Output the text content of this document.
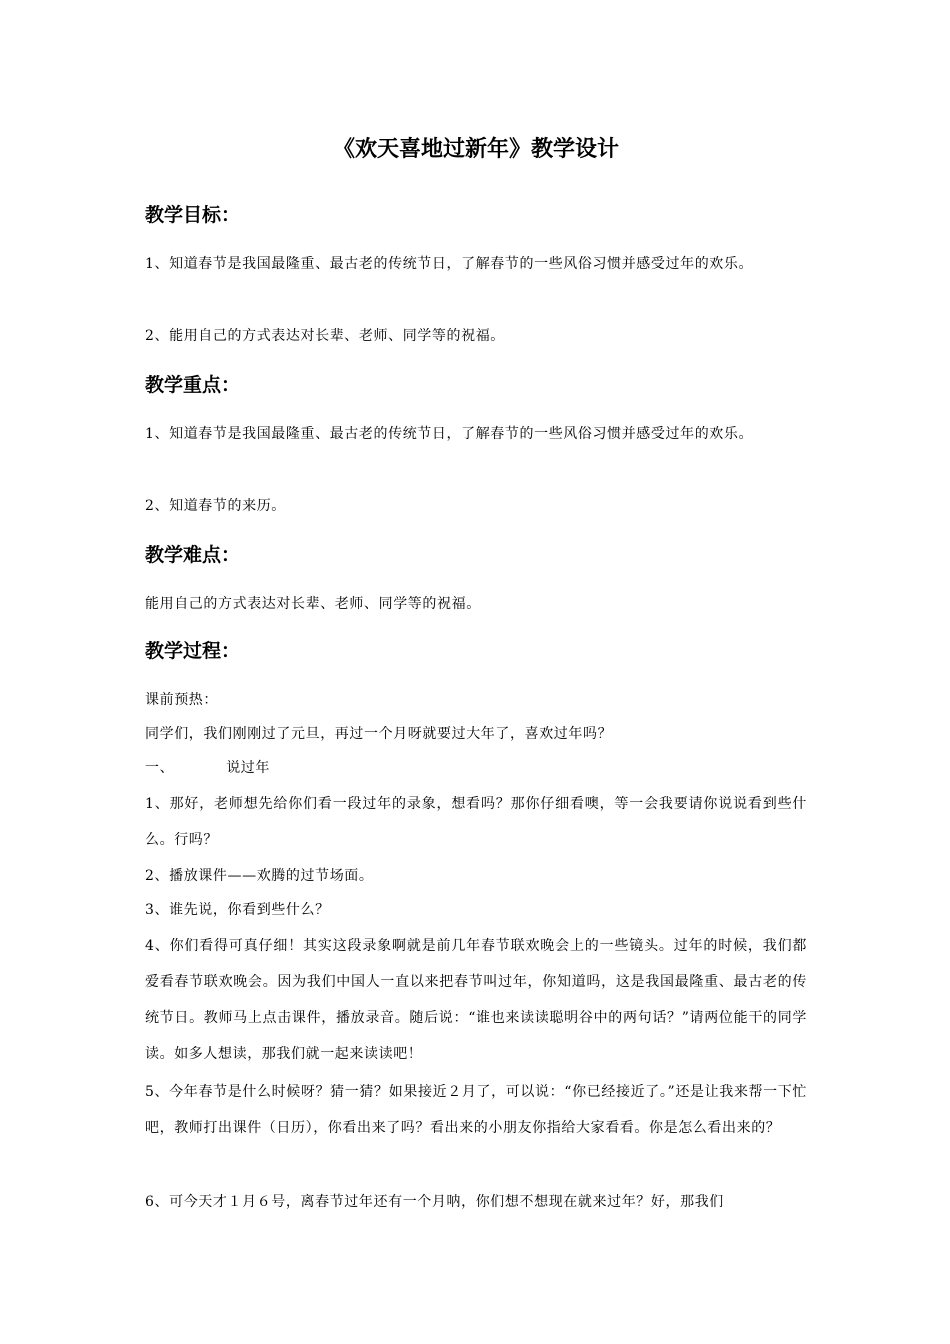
《欢天喜地过新年》教学设计
教学目标：

1、知道春节是我国最隆重、最古老的传统节日，了解春节的一些风俗习惯并感受过年的欢乐。

2、能用自己的方式表达对长辈、老师、同学等的祝福。

教学重点：

1、知道春节是我国最隆重、最古老的传统节日，了解春节的一些风俗习惯并感受过年的欢乐。

2、知道春节的来历。

教学难点：

能用自己的方式表达对长辈、老师、同学等的祝福。

教学过程：

课前预热：

同学们，我们刚刚过了元旦，再过一个月呀就要过大年了，喜欢过年吗？

一、	说过年

1、那好，老师想先给你们看一段过年的录象，想看吗？那你仔细看噢，等一会我要请你说说看到些什么。行吗？

2、播放课件——欢腾的过节场面。

3、谁先说，你看到些什么？

4、你们看得可真仔细！其实这段录象啊就是前几年春节联欢晚会上的一些镜头。过年的时候，我们都爱看春节联欢晚会。因为我们中国人一直以来把春节叫过年，你知道吗，这是我国最隆重、最古老的传统节日。教师马上点击课件，播放录音。随后说：“谁也来读读聪明谷中的两句话？”请两位能干的同学读。如多人想读，那我们就一起来读读吧！

5、今年春节是什么时候呀？猜一猜？如果接近２月了，可以说：“你已经接近了。”还是让我来帮一下忙吧，教师打出课件（日历），你看出来了吗？看出来的小朋友你指给大家看看。你是怎么看出来的？

6、可今天才１月６号，离春节过年还有一个月呐，你们想不想现在就来过年？好，那我们
